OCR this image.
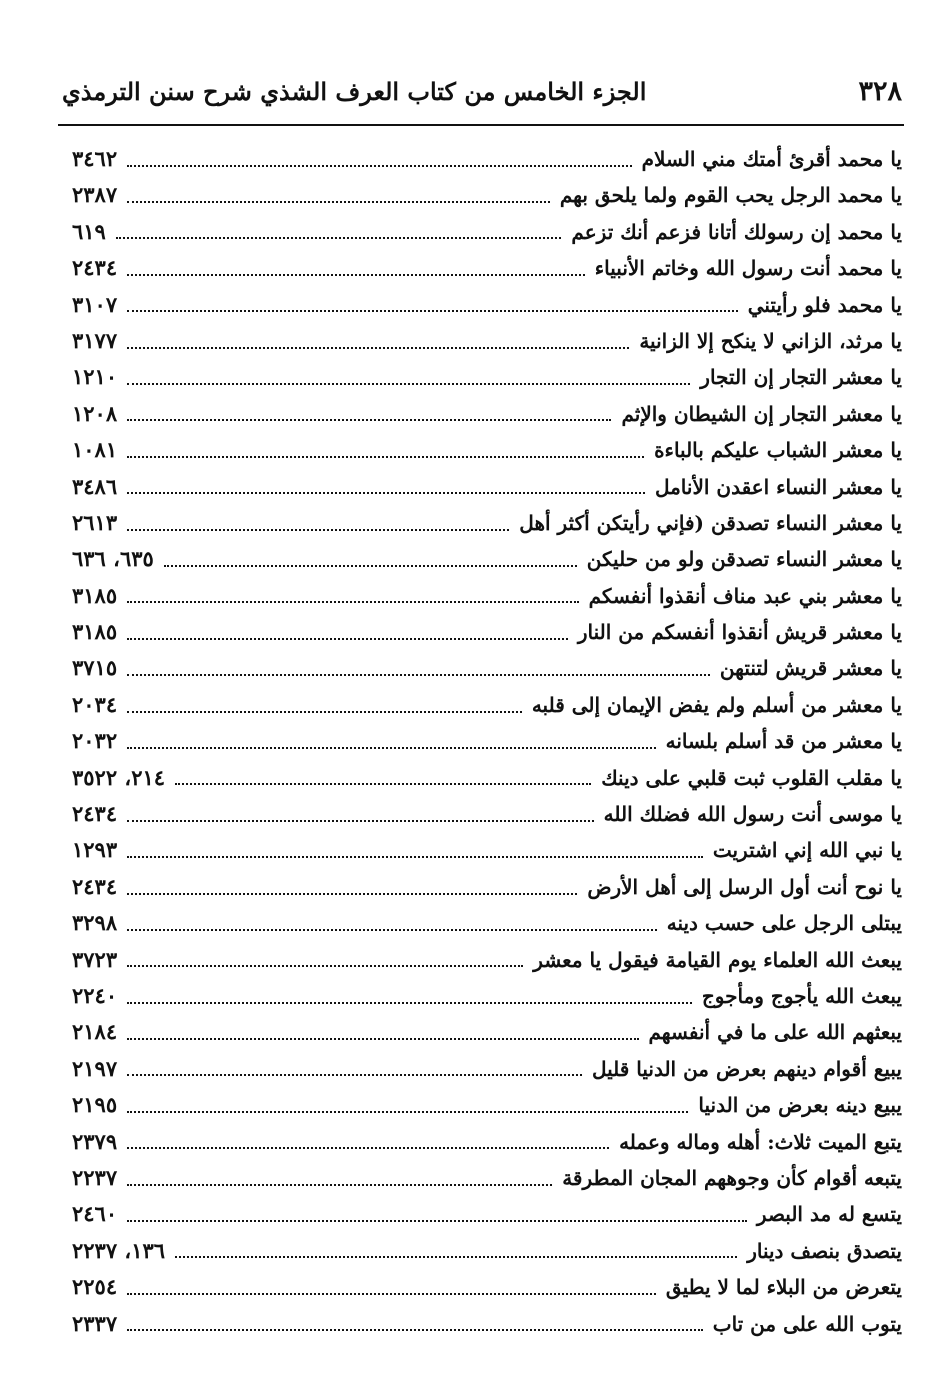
٣٢٨
الجزء الخامس من كتاب العرف الشذي شرح سنن الترمذي
يا محمد أقرئ أمتك مني السلام
٣٤٦٢
يا محمد الرجل يحب القوم ولما يلحق بهم
٢٣٨٧
يا محمد إن رسولك أتانا فزعم أنك تزعم
٦١٩
يا محمد أنت رسول الله وخاتم الأنبياء
٢٤٣٤
يا محمد فلو رأيتني
٣١٠٧
يا مرثد، الزاني لا ينكح إلا الزانية
٣١٧٧
يا معشر التجار إن التجار
١٢١٠
يا معشر التجار إن الشيطان والإثم
١٢٠٨
يا معشر الشباب عليكم بالباءة
١٠٨١
يا معشر النساء اعقدن الأنامل
٣٤٨٦
يا معشر النساء تصدقن (فإني رأيتكن أكثر أهل
٢٦١٣
يا معشر النساء تصدقن ولو من حليكن
٦٣٥، ٦٣٦
يا معشر بني عبد مناف أنقذوا أنفسكم
٣١٨٥
يا معشر قريش أنقذوا أنفسكم من النار
٣١٨٥
يا معشر قريش لتنتهن
٣٧١٥
يا معشر من أسلم ولم يفض الإيمان إلى قلبه
٢٠٣٤
يا معشر من قد أسلم بلسانه
٢٠٣٢
يا مقلب القلوب ثبت قلبي على دينك
٢١٤، ٣٥٢٢
يا موسى أنت رسول الله فضلك الله
٢٤٣٤
يا نبي الله إني اشتريت
١٢٩٣
يا نوح أنت أول الرسل إلى أهل الأرض
٢٤٣٤
يبتلى الرجل على حسب دينه
٣٢٩٨
يبعث الله العلماء يوم القيامة فيقول يا معشر
٣٧٢٣
يبعث الله يأجوج ومأجوج
٢٢٤٠
يبعثهم الله على ما في أنفسهم
٢١٨٤
يبيع أقوام دينهم بعرض من الدنيا قليل
٢١٩٧
يبيع دينه بعرض من الدنيا
٢١٩٥
يتبع الميت ثلاث: أهله وماله وعمله
٢٣٧٩
يتبعه أقوام كأن وجوههم المجان المطرقة
٢٢٣٧
يتسع له مد البصر
٢٤٦٠
يتصدق بنصف دينار
١٣٦، ٢٢٣٧
يتعرض من البلاء لما لا يطيق
٢٢٥٤
يتوب الله على من تاب
٢٣٣٧
